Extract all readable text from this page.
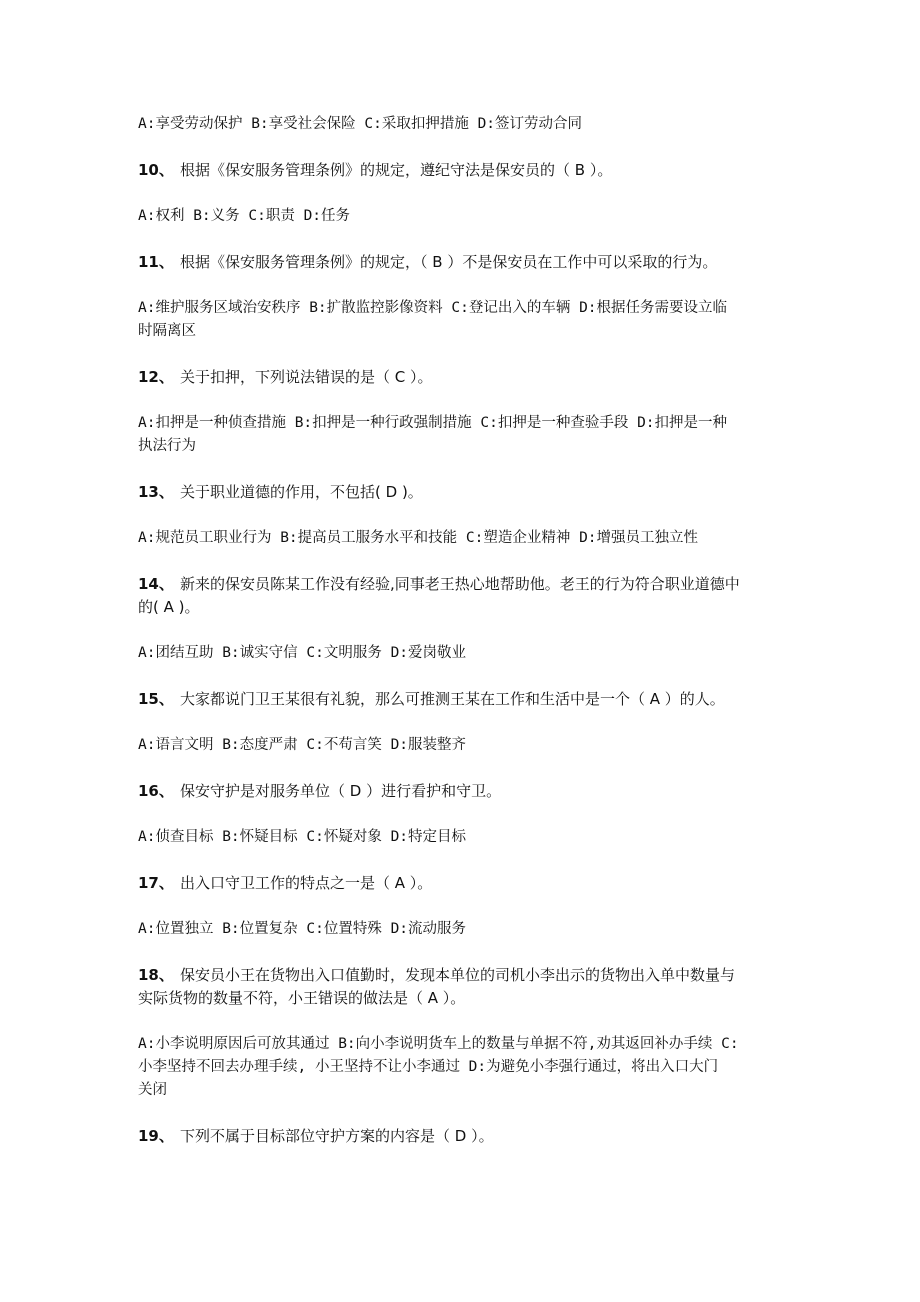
A:享受劳动保护 B:享受社会保险 C:采取扣押措施 D:签订劳动合同
10、 根据《保安服务管理条例》的规定，遵纪守法是保安员的（ B ）。
A:权利 B:义务 C:职责 D:任务
11、 根据《保安服务管理条例》的规定，（ B ）不是保安员在工作中可以采取的行为。
A:维护服务区域治安秩序 B:扩散监控影像资料 C:登记出入的车辆 D:根据任务需要设立临
时隔离区
12、 关于扣押，下列说法错误的是（ C ）。
A:扣押是一种侦查措施 B:扣押是一种行政强制措施 C:扣押是一种查验手段 D:扣押是一种
执法行为
13、 关于职业道德的作用，不包括( D )。
A:规范员工职业行为 B:提高员工服务水平和技能 C:塑造企业精神 D:增强员工独立性
14、 新来的保安员陈某工作没有经验,同事老王热心地帮助他。老王的行为符合职业道德中
的( A )。
A:团结互助 B:诚实守信 C:文明服务 D:爱岗敬业
15、 大家都说门卫王某很有礼貌，那么可推测王某在工作和生活中是一个（ A ）的人。
A:语言文明 B:态度严肃 C:不苟言笑 D:服装整齐
16、 保安守护是对服务单位（ D ）进行看护和守卫。
A:侦查目标 B:怀疑目标 C:怀疑对象 D:特定目标
17、 出入口守卫工作的特点之一是（ A ）。
A:位置独立 B:位置复杂 C:位置特殊 D:流动服务
18、 保安员小王在货物出入口值勤时，发现本单位的司机小李出示的货物出入单中数量与
实际货物的数量不符，小王错误的做法是（ A ）。
A:小李说明原因后可放其通过 B:向小李说明货车上的数量与单据不符,劝其返回补办手续 C:
小李坚持不回去办理手续, 小王坚持不让小李通过 D:为避免小李强行通过，将出入口大门
关闭
19、 下列不属于目标部位守护方案的内容是（ D ）。
